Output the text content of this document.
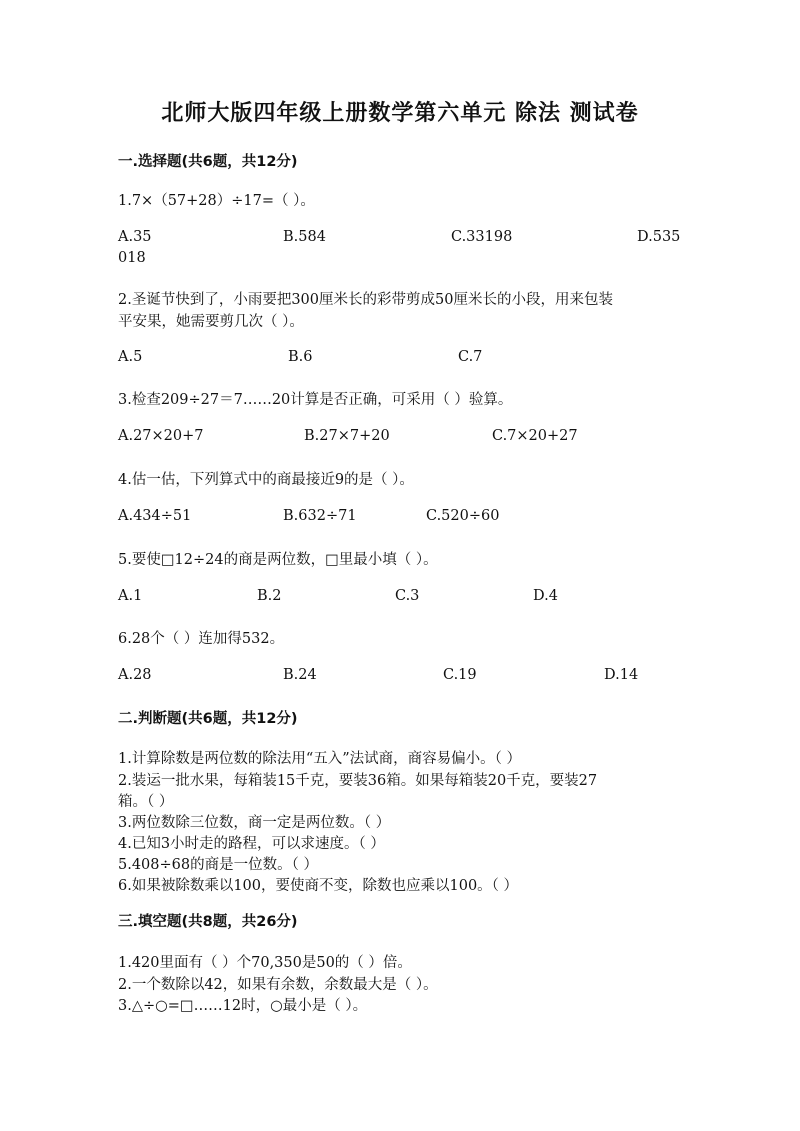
北师大版四年级上册数学第六单元 除法 测试卷
一.选择题(共6题，共12分)
1.7×（57+28）÷17=（ ）。
A.35	B.584	C.33198	D.535
018
2.圣诞节快到了，小雨要把300厘米长的彩带剪成50厘米长的小段，用来包装
平安果，她需要剪几次（ ）。
A.5	B.6	C.7
3.检查209÷27＝7……20计算是否正确，可采用（ ）验算。
A.27×20+7	B.27×7+20	C.7×20+27
4.估一估，下列算式中的商最接近9的是（ ）。
A.434÷51	B.632÷71	C.520÷60
5.要使□12÷24的商是两位数，□里最小填（ ）。
A.1	B.2	C.3	D.4
6.28个（ ）连加得532。
A.28	B.24	C.19	D.14
二.判断题(共6题，共12分)
1.计算除数是两位数的除法用“五入”法试商，商容易偏小。（ ）
2.装运一批水果，每箱装15千克，要装36箱。如果每箱装20千克，要装27
箱。（ ）
3.两位数除三位数，商一定是两位数。（ ）
4.已知3小时走的路程，可以求速度。（ ）
5.408÷68的商是一位数。（ ）
6.如果被除数乘以100，要使商不变，除数也应乘以100。（ ）
三.填空题(共8题，共26分)
1.420里面有（ ）个70,350是50的（ ）倍。
2.一个数除以42，如果有余数，余数最大是（ ）。
3.△÷○=□……12时，○最小是（ ）。
